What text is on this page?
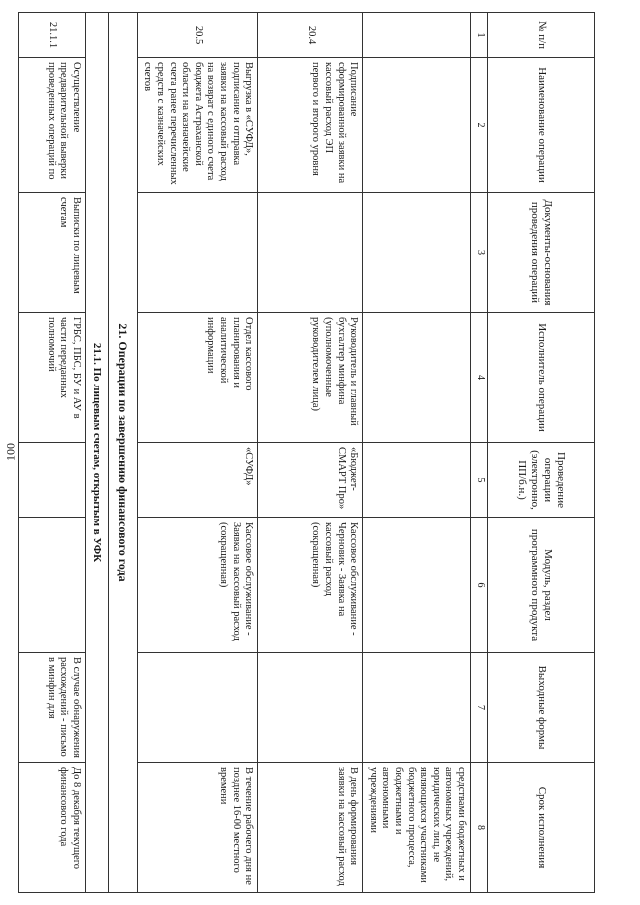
100
№ п/п	Наименование операции	Документы-основания проведения операций	Исполнитель операции	Проведение операции (электронно, ПП/б.н.)	Модуль, раздел программного продукта	Выходные формы	Срок исполнения
1	2	3	4	5	6	7	8
							средствами бюджетных и автономных учреждений, юридических лиц, не являющихся участниками бюджетного процесса, бюджетными и автономными учреждениями
20.4	Подписание сформированной заявки на кассовый расход ЭП первого и второго уровня		Руководитель и главный бухгалтер минфина (уполномоченные руководителем лица)	«Бюджет-СМАРТ Про»	Кассовое обслуживание - Черновик - Заявка на кассовый расход (сокращенная)		В день формирования заявки на кассовый расход
20.5	Выгрузка в «СУФД», подписание и отправка заявки на кассовый расход на возврат с единого счета бюджета Астраханской области на казначейские счета ранее перечисленных средств с казначейских счетов		Отдел кассового планирования и аналитической информации	«СУФД»	Кассовое обслуживание - Заявка на кассовый расход (сокращенная)		В течение рабочего дня не позднее 16-00 местного времени
21. Операции по завершению финансового года							
21.1. По лицевым счетам, открытым в УФК							
21.1.1	Осуществление предварительной выверки проведенных операций по	Выписки по лицевым счетам	ГРБС, ПБС, БУ и АУ в части переданных полномочий			В случае обнаружения расхождений - письмо в минфин для	До 8 декабря текущего финансового года
